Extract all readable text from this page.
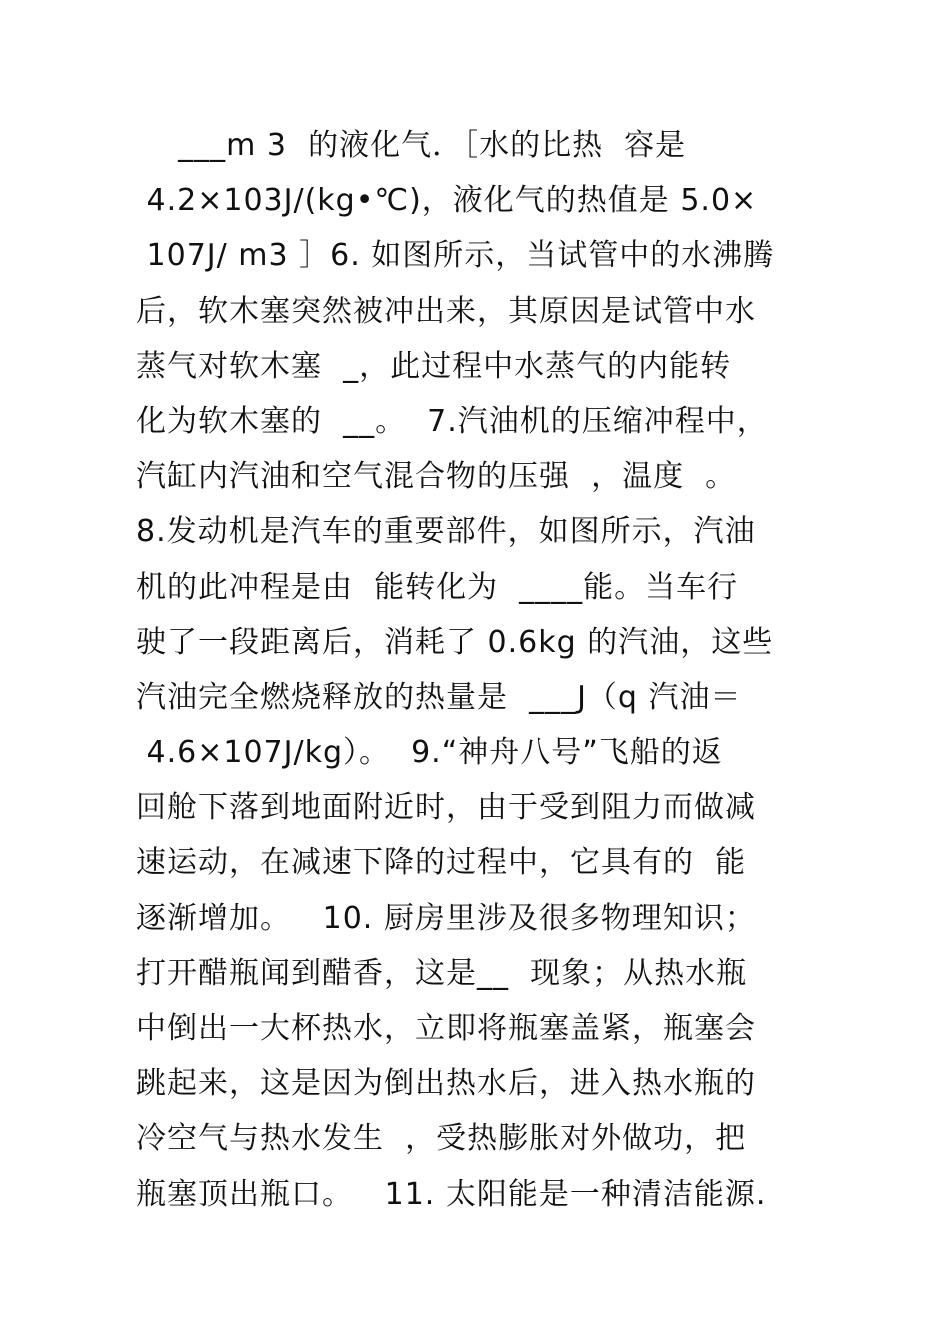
___m 3  的液化气．［水的比热  容是
4.2×103J/(kg•℃)，液化气的热值是 5.0×
107J/ m3 ］6. 如图所示，当试管中的水沸腾
后，软木塞突然被冲出来，其原因是试管中水
蒸气对软木塞  _，此过程中水蒸气的内能转
化为软木塞的  __。  7.汽油机的压缩冲程中，
汽缸内汽油和空气混合物的压强  ，温度  。
8.发动机是汽车的重要部件，如图所示，汽油
机的此冲程是由  能转化为  ____能。当车行
驶了一段距离后，消耗了 0.6kg 的汽油，这些
汽油完全燃烧释放的热量是  ___J（q 汽油＝
4.6×107J/kg）。  9.“神舟八号”飞船的返
回舱下落到地面附近时，由于受到阻力而做减
速运动，在减速下降的过程中，它具有的  能
逐渐增加。   10. 厨房里涉及很多物理知识；
打开醋瓶闻到醋香，这是__  现象；从热水瓶
中倒出一大杯热水，立即将瓶塞盖紧，瓶塞会
跳起来，这是因为倒出热水后，进入热水瓶的
冷空气与热水发生  ，受热膨胀对外做功，把
瓶塞顶出瓶口。   11. 太阳能是一种清洁能源.
